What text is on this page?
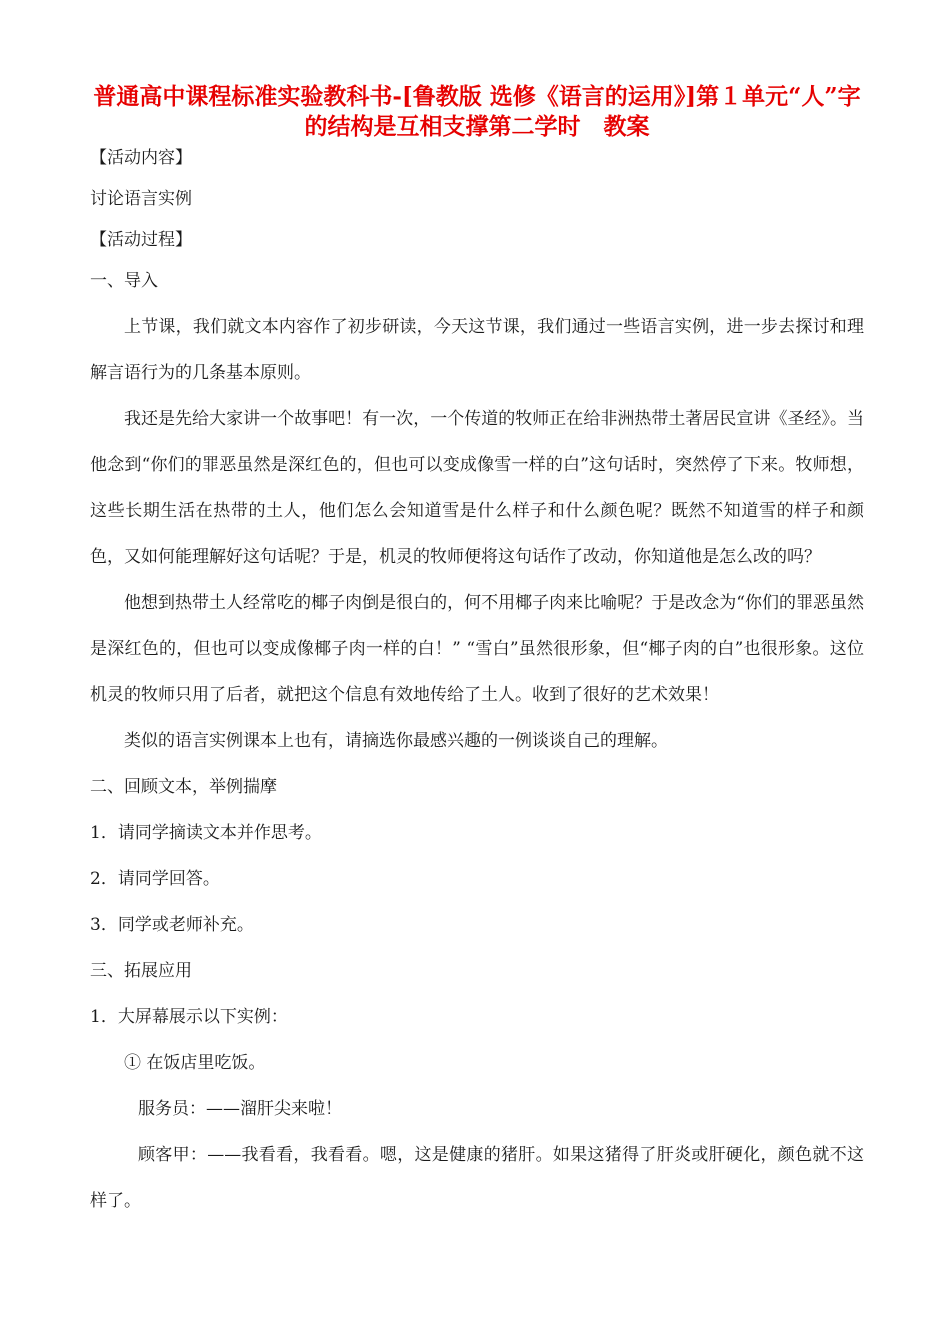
普通高中课程标准实验教科书-[鲁教版 选修《语言的运用》]第１单元“人”字的结构是互相支撑第二学时　教案

【活动内容】

讨论语言实例

【活动过程】

一、导入

上节课，我们就文本内容作了初步研读，今天这节课，我们通过一些语言实例，进一步去探讨和理解言语行为的几条基本原则。

我还是先给大家讲一个故事吧！有一次，一个传道的牧师正在给非洲热带土著居民宣讲《圣经》。当他念到“你们的罪恶虽然是深红色的，但也可以变成像雪一样的白”这句话时，突然停了下来。牧师想，这些长期生活在热带的土人，他们怎么会知道雪是什么样子和什么颜色呢？既然不知道雪的样子和颜色，又如何能理解好这句话呢？于是，机灵的牧师便将这句话作了改动，你知道他是怎么改的吗？

他想到热带土人经常吃的椰子肉倒是很白的，何不用椰子肉来比喻呢？于是改念为“你们的罪恶虽然是深红色的，但也可以变成像椰子肉一样的白！” “雪白”虽然很形象，但“椰子肉的白”也很形象。这位机灵的牧师只用了后者，就把这个信息有效地传给了土人。收到了很好的艺术效果！

类似的语言实例课本上也有，请摘选你最感兴趣的一例谈谈自己的理解。

二、回顾文本，举例揣摩

1．请同学摘读文本并作思考。

2．请同学回答。

3．同学或老师补充。

三、拓展应用

1．大屏幕展示以下实例：

① 在饭店里吃饭。

服务员：——溜肝尖来啦！

顾客甲：——我看看，我看看。嗯，这是健康的猪肝。如果这猪得了肝炎或肝硬化，颜色就不这样了。
